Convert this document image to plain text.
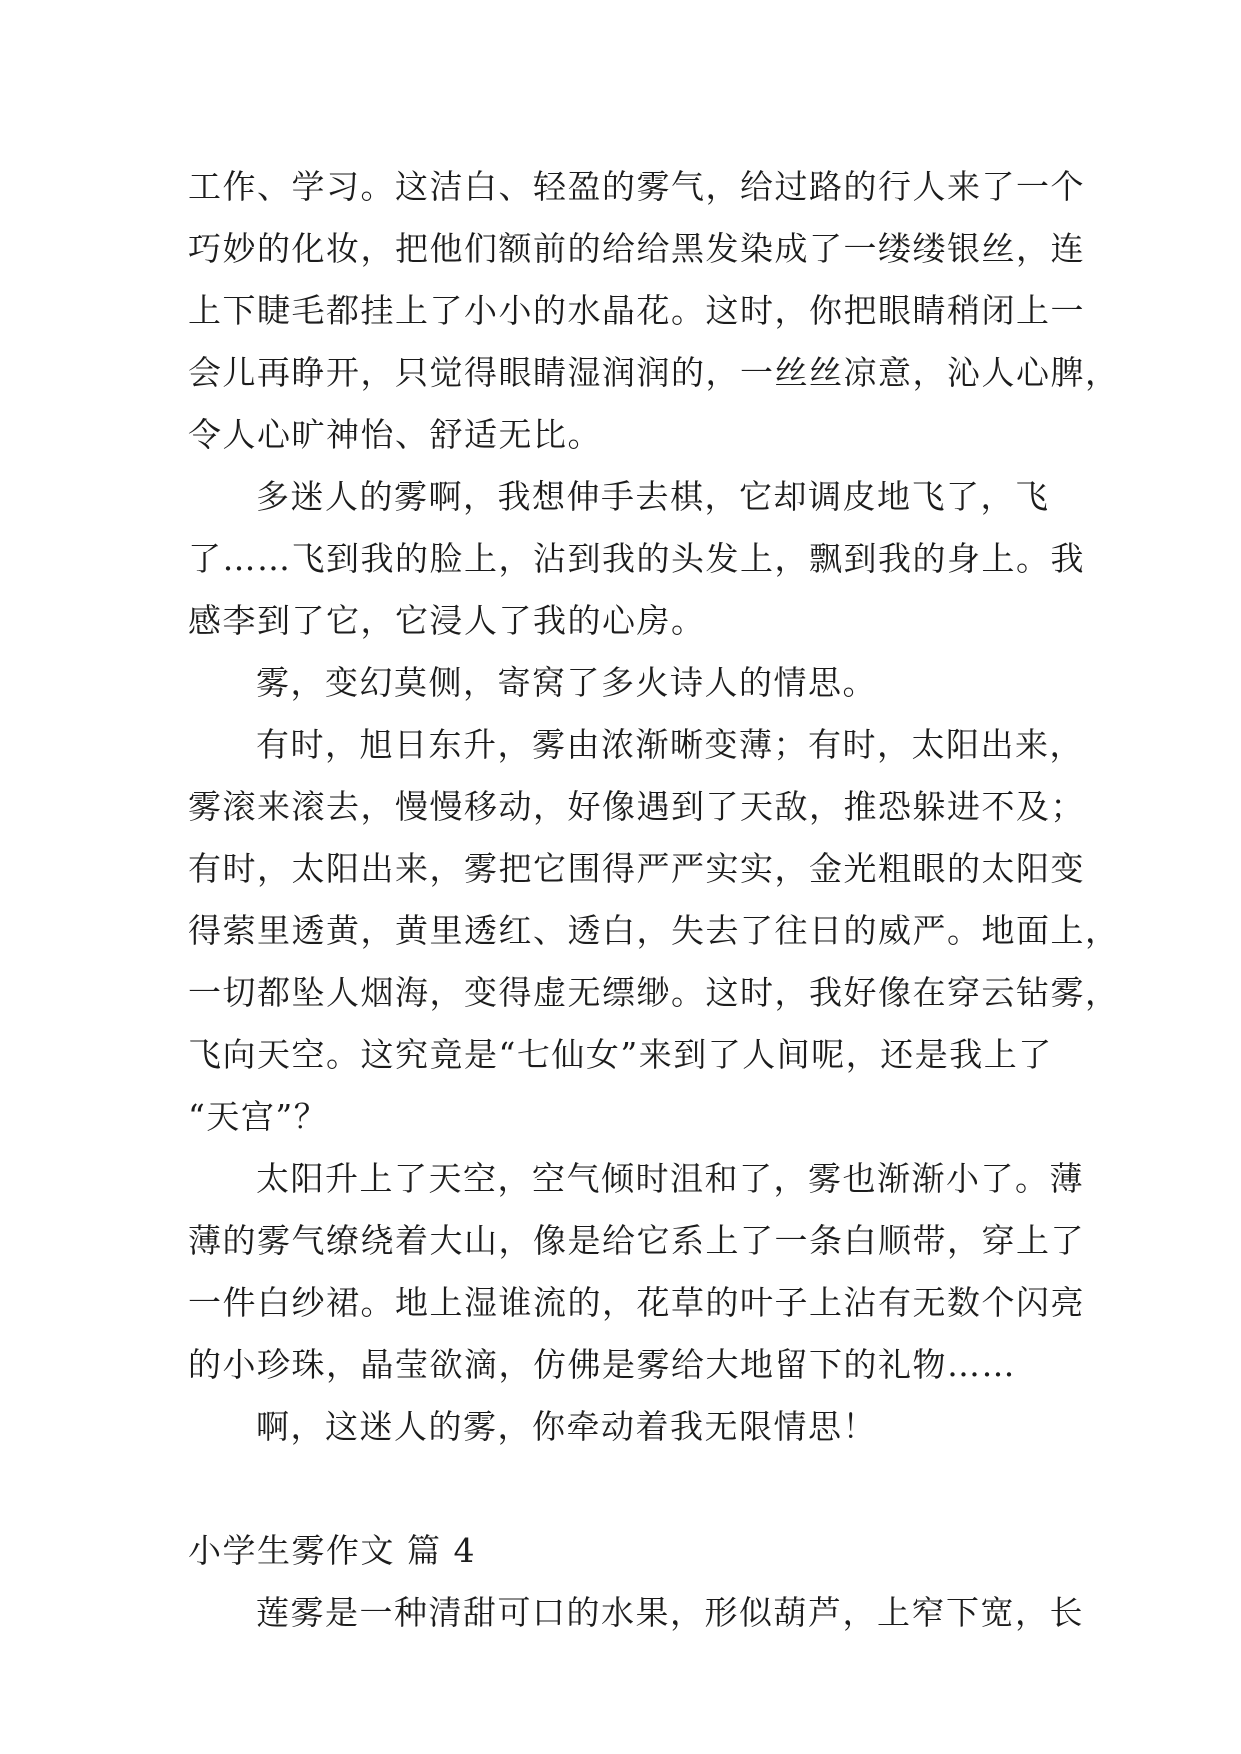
工作、学习。这洁白、轻盈的雾气，给过路的行人来了一个
巧妙的化妆，把他们额前的给给黑发染成了一缕缕银丝，连
上下睫毛都挂上了小小的水晶花。这时，你把眼睛稍闭上一
会儿再睁开，只觉得眼睛湿润润的，一丝丝凉意，沁人心脾，
令人心旷神怡、舒适无比。
多迷人的雾啊，我想伸手去棋，它却调皮地飞了，飞
了……飞到我的脸上，沾到我的头发上，飘到我的身上。我
感李到了它，它浸人了我的心房。
雾，变幻莫侧，寄窝了多火诗人的情思。
有时，旭日东升，雾由浓渐晰变薄；有时，太阳出来，
雾滚来滚去，慢慢移动，好像遇到了天敌，推恐躲进不及；
有时，太阳出来，雾把它围得严严实实，金光粗眼的太阳变
得萦里透黄，黄里透红、透白，失去了往日的威严。地面上，
一切都坠人烟海，变得虚无缥缈。这时，我好像在穿云钻雾，
飞向天空。这究竟是“七仙女”来到了人间呢，还是我上了
“天宫”？
太阳升上了天空，空气倾时沮和了，雾也渐渐小了。薄
薄的雾气缭绕着大山，像是给它系上了一条白顺带，穿上了
一件白纱裙。地上湿谁流的，花草的叶子上沾有无数个闪亮
的小珍珠，晶莹欲滴，仿佛是雾给大地留下的礼物……
啊，这迷人的雾，你牵动着我无限情思！
小学生雾作文 篇 4
莲雾是一种清甜可口的水果，形似葫芦，上窄下宽，长
